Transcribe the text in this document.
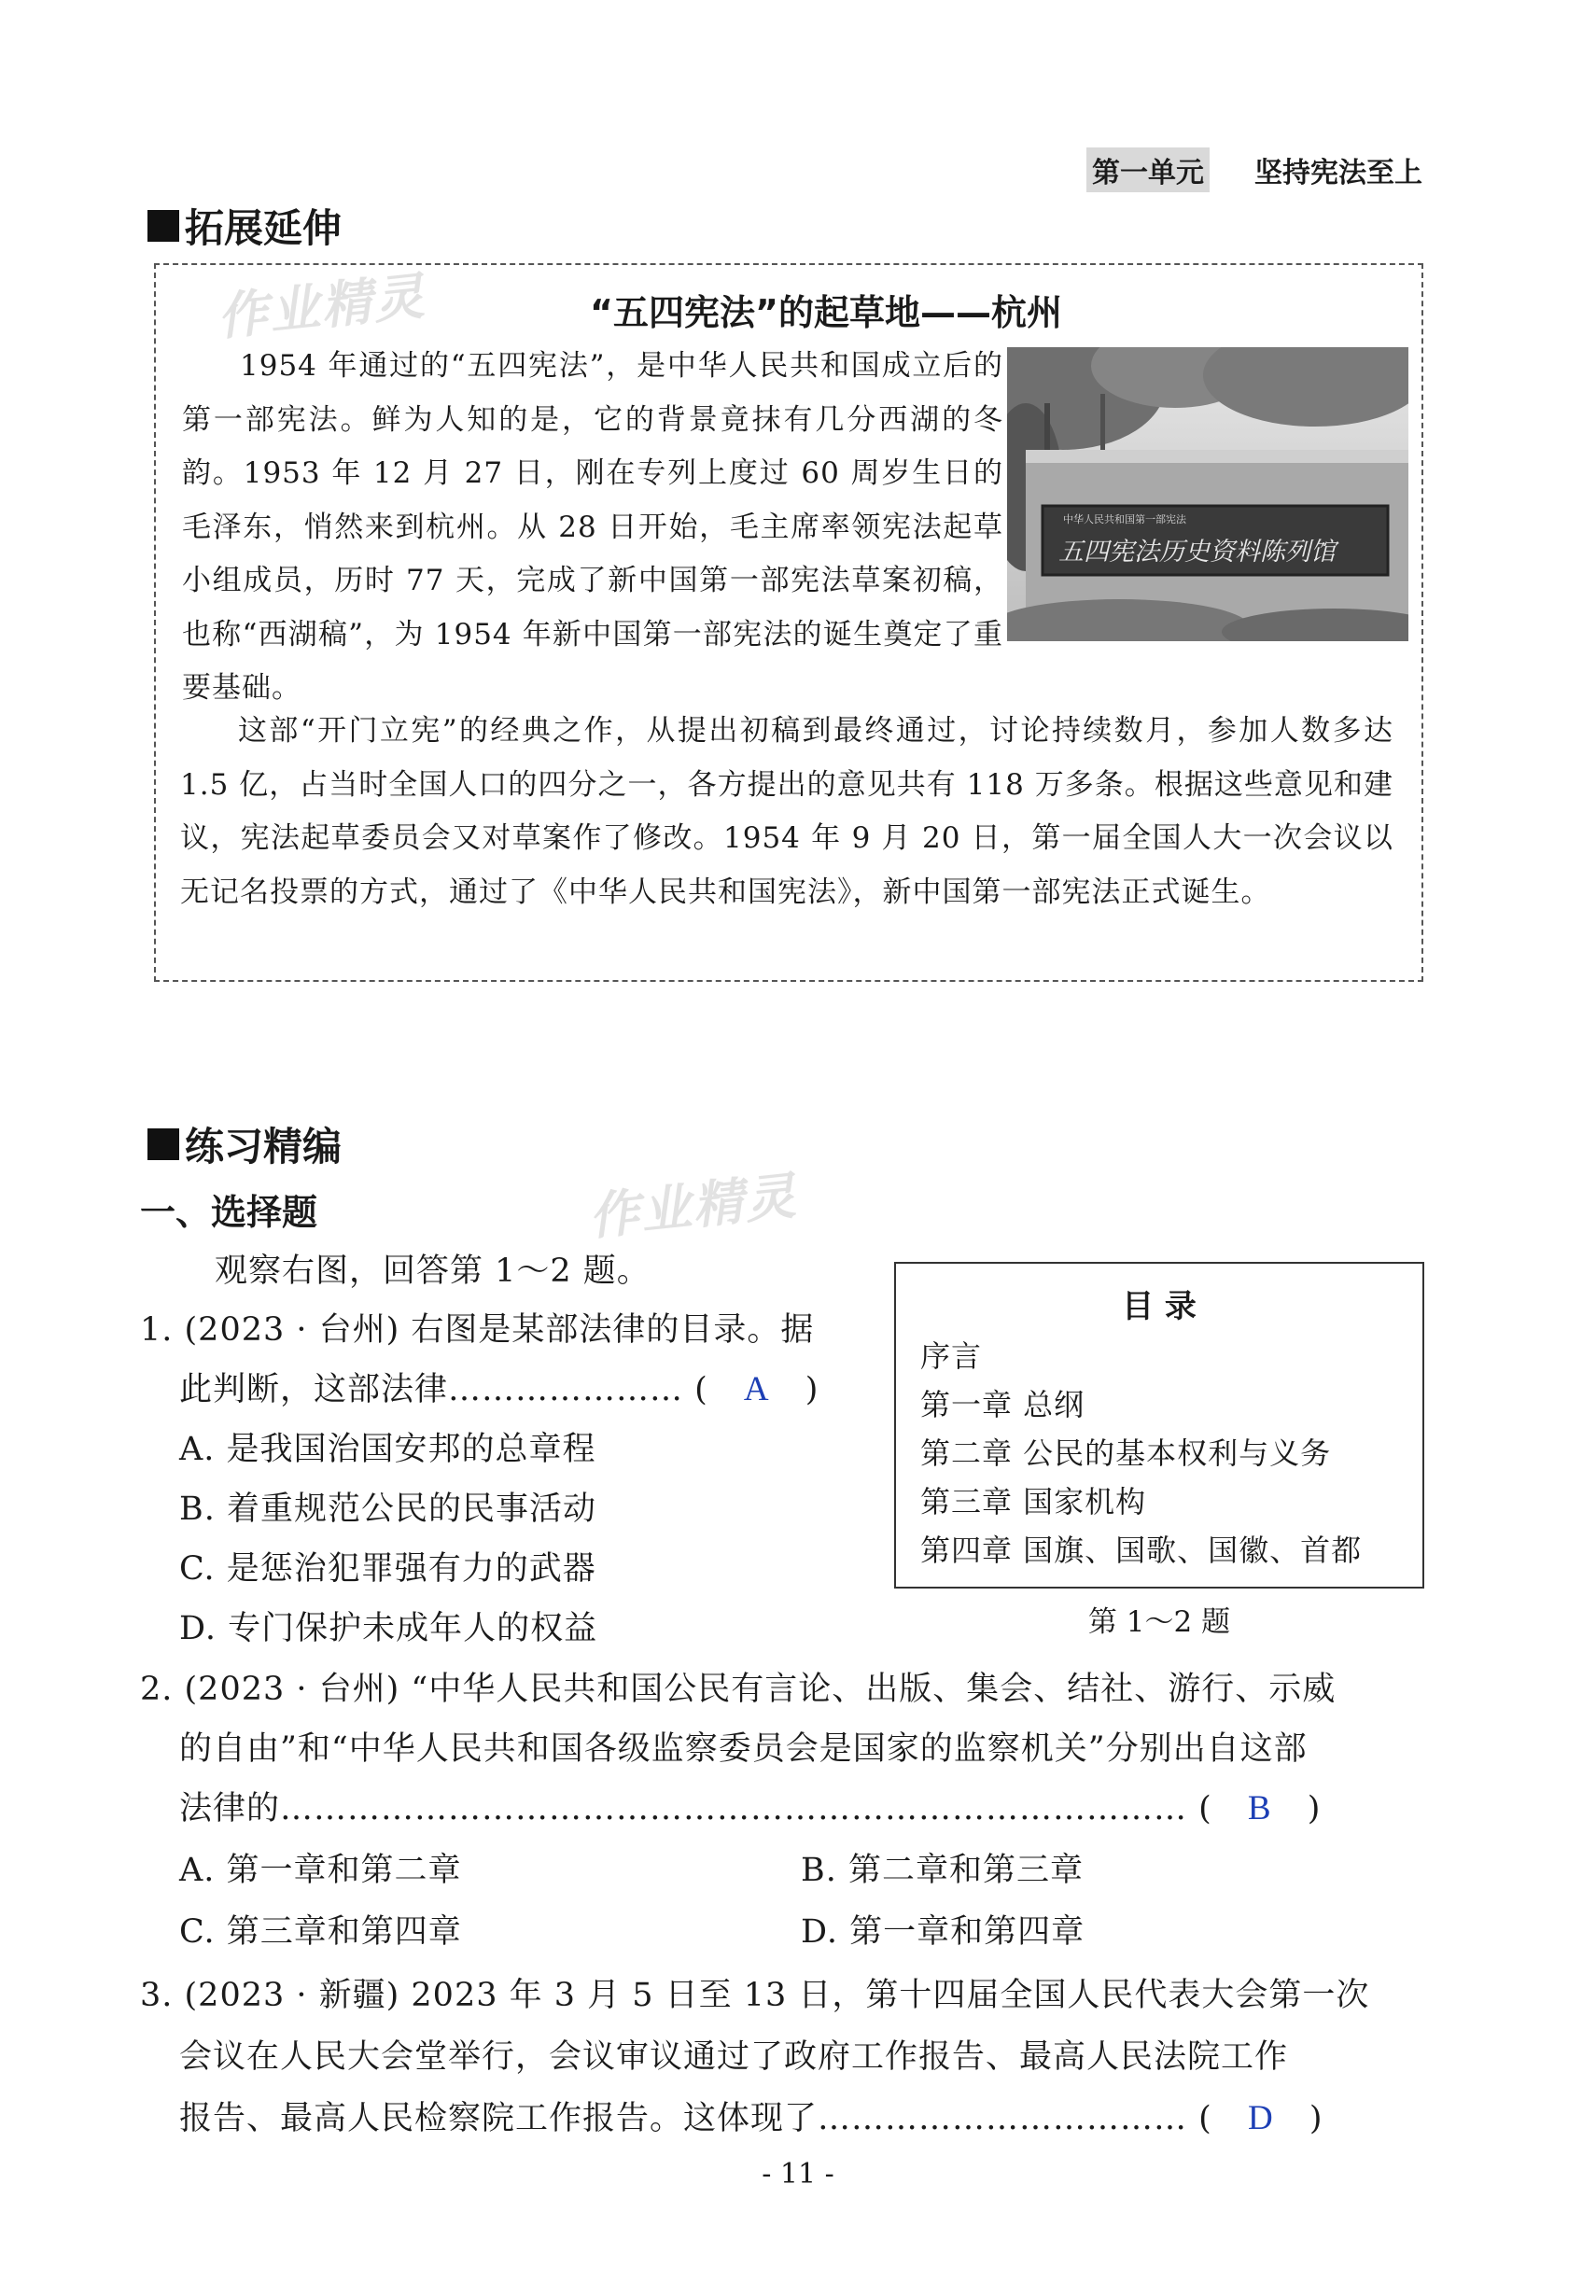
第一单元 坚持宪法至上
拓展延伸
作业精灵	“五四宪法”的起草地——杭州
1954 年通过的“五四宪法”，是中华人民共和国成立后的第一部宪法。鲜为人知的是，它的背景竟抹有几分西湖的冬韵。1953 年 12 月 27 日，刚在专列上度过 60 周岁生日的毛泽东，悄然来到杭州。从 28 日开始，毛主席率领宪法起草小组成员，历时 77 天，完成了新中国第一部宪法草案初稿，也称“西湖稿”，为 1954 年新中国第一部宪法的诞生奠定了重要基础。
中华人民共和国第一部宪法
五四宪法历史资料陈列馆
这部“开门立宪”的经典之作，从提出初稿到最终通过，讨论持续数月，参加人数多达 1.5 亿，占当时全国人口的四分之一，各方提出的意见共有 118 万多条。根据这些意见和建议，宪法起草委员会又对草案作了修改。1954 年 9 月 20 日，第一届全国人大一次会议以无记名投票的方式，通过了《中华人民共和国宪法》，新中国第一部宪法正式诞生。
练习精编
作业精灵
一、选择题
观察右图，回答第 1～2 题。
目 录
序言
第一章 总纲
第二章 公民的基本权利与义务
第三章 国家机构
第四章 国旗、国歌、国徽、首都
第 1～2 题
1. (2023 · 台州) 右图是某部法律的目录。据
此判断，这部法律………………… ( A )
A. 是我国治国安邦的总章程
B. 着重规范公民的民事活动
C. 是惩治犯罪强有力的武器
D. 专门保护未成年人的权益
2. (2023 · 台州) “中华人民共和国公民有言论、出版、集会、结社、游行、示威
的自由”和“中华人民共和国各级监察委员会是国家的监察机关”分别出自这部
法律的……………………………………………………………………… ( B )
A. 第一章和第二章	B. 第二章和第三章
C. 第三章和第四章	D. 第一章和第四章
3. (2023 · 新疆) 2023 年 3 月 5 日至 13 日，第十四届全国人民代表大会第一次
会议在人民大会堂举行，会议审议通过了政府工作报告、最高人民法院工作
报告、最高人民检察院工作报告。这体现了…………………………… ( D )
- 11 -
